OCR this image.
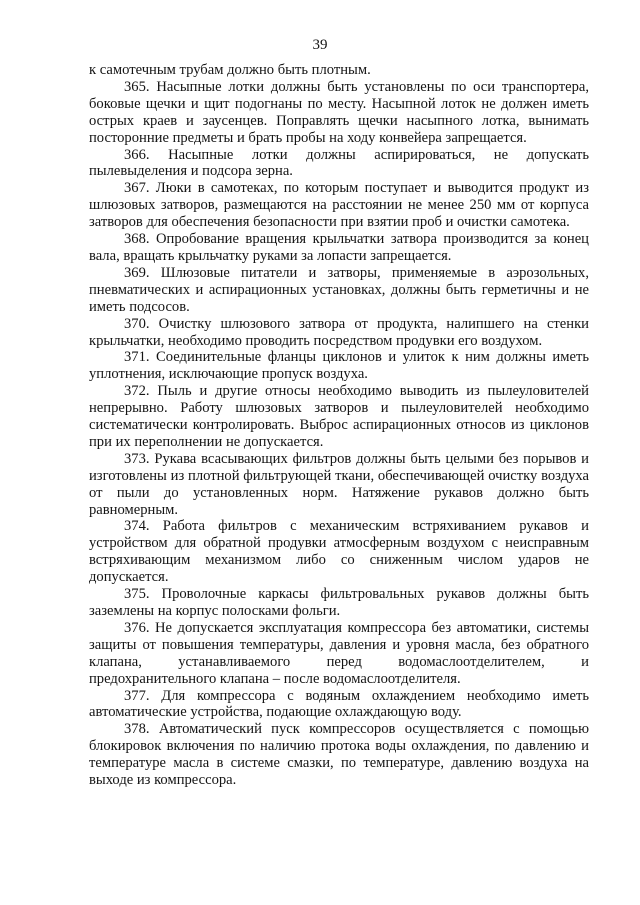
39

к самотечным трубам должно быть плотным.

365. Насыпные лотки должны быть установлены по оси транспортера, боковые щечки и щит подогнаны по месту. Насыпной лоток не должен иметь острых краев и заусенцев. Поправлять щечки насыпного лотка, вынимать посторонние предметы и брать пробы на ходу конвейера запрещается.

366. Насыпные лотки должны аспирироваться, не допускать пылевыделения и подсора зерна.

367. Люки в самотеках, по которым поступает и выводится продукт из шлюзовых затворов, размещаются на расстоянии не менее 250 мм от корпуса затворов для обеспечения безопасности при взятии проб и очистки самотека.

368. Опробование вращения крыльчатки затвора производится за конец вала, вращать крыльчатку руками за лопасти запрещается.

369. Шлюзовые питатели и затворы, применяемые в аэрозольных, пневматических и аспирационных установках, должны быть герметичны и не иметь подсосов.

370. Очистку шлюзового затвора от продукта, налипшего на стенки крыльчатки, необходимо проводить посредством продувки его воздухом.

371. Соединительные фланцы циклонов и улиток к ним должны иметь уплотнения, исключающие пропуск воздуха.

372. Пыль и другие относы необходимо выводить из пылеуловителей непрерывно. Работу шлюзовых затворов и пылеуловителей необходимо систематически контролировать. Выброс аспирационных относов из циклонов при их переполнении не допускается.

373. Рукава всасывающих фильтров должны быть целыми без порывов и изготовлены из плотной фильтрующей ткани, обеспечивающей очистку воздуха от пыли до установленных норм. Натяжение рукавов должно быть равномерным.

374. Работа фильтров с механическим встряхиванием рукавов и устройством для обратной продувки атмосферным воздухом с неисправным встряхивающим механизмом либо со сниженным числом ударов не допускается.

375. Проволочные каркасы фильтровальных рукавов должны быть заземлены на корпус полосками фольги.

376. Не допускается эксплуатация компрессора без автоматики, системы защиты от повышения температуры, давления и уровня масла, без обратного клапана, устанавливаемого перед водомаслоотделителем, и предохранительного клапана – после водомаслоотделителя.

377. Для компрессора с водяным охлаждением необходимо иметь автоматические устройства, подающие охлаждающую воду.

378. Автоматический пуск компрессоров осуществляется с помощью блокировок включения по наличию протока воды охлаждения, по давлению и температуре масла в системе смазки, по температуре, давлению воздуха на выходе из компрессора.
